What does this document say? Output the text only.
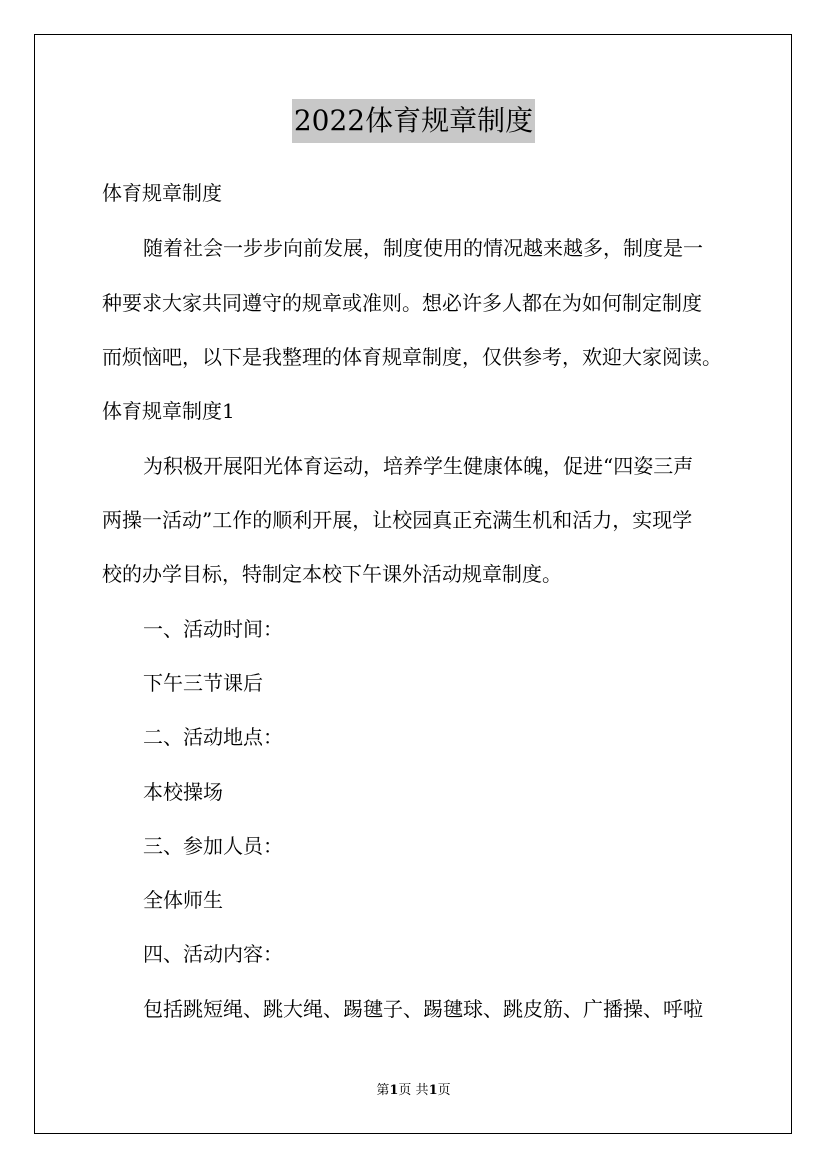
2022体育规章制度
体育规章制度
随着社会一步步向前发展，制度使用的情况越来越多，制度是一
种要求大家共同遵守的规章或准则。想必许多人都在为如何制定制度
而烦恼吧，以下是我整理的体育规章制度，仅供参考，欢迎大家阅读。
体育规章制度1
为积极开展阳光体育运动，培养学生健康体魄，促进“四姿三声
两操一活动”工作的顺利开展，让校园真正充满生机和活力，实现学
校的办学目标，特制定本校下午课外活动规章制度。
一、活动时间：
下午三节课后
二、活动地点：
本校操场
三、参加人员：
全体师生
四、活动内容：
包括跳短绳、跳大绳、踢毽子、踢毽球、跳皮筋、广播操、呼啦
第1页 共1页
